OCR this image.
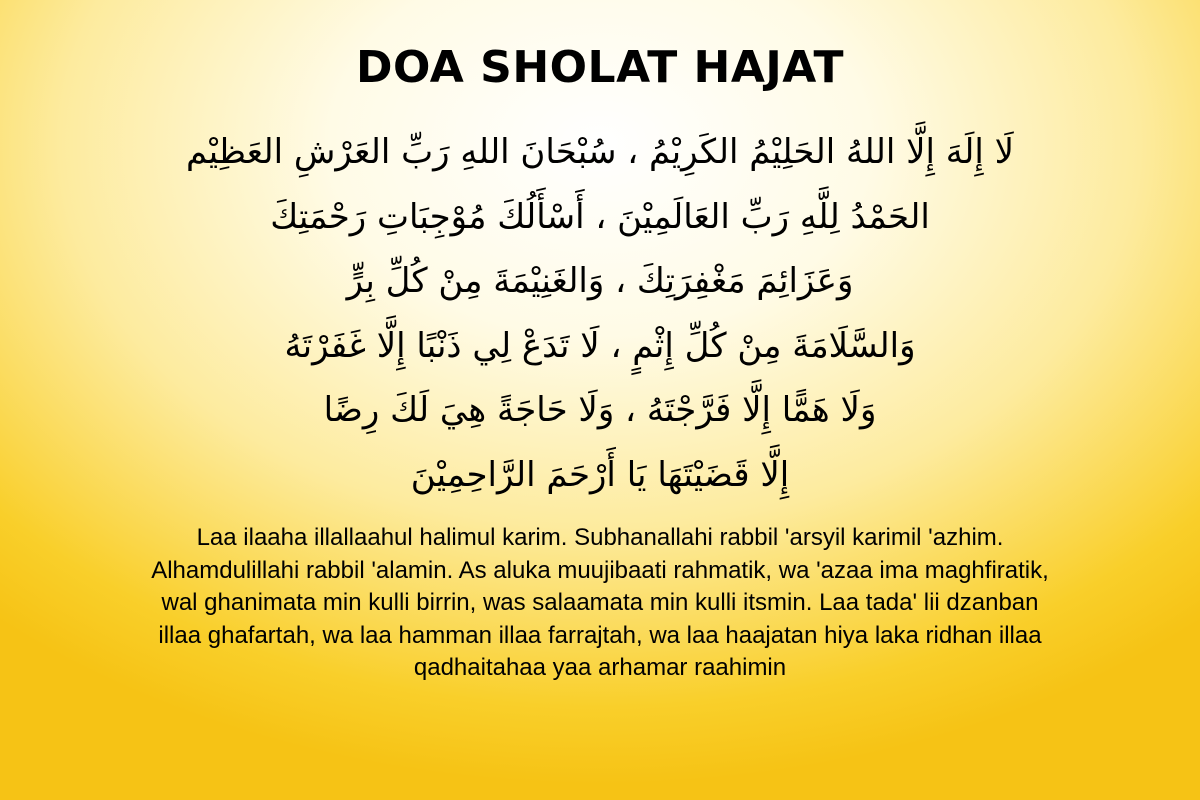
DOA SHOLAT HAJAT
لَا إِلَهَ إِلَّا اللهُ الحَلِيْمُ الكَرِيْمُ ، سُبْحَانَ اللهِ رَبِّ العَرْشِ العَظِيْم
الحَمْدُ لِلَّهِ رَبِّ العَالَمِيْنَ ، أَسْأَلُكَ مُوْجِبَاتِ رَحْمَتِكَ
وَعَزَائِمَ مَغْفِرَتِكَ ، وَالغَنِيْمَةَ مِنْ كُلِّ بِرٍّ
وَالسَّلَامَةَ مِنْ كُلِّ إِثْمٍ ، لَا تَدَعْ لِي ذَنْبًا إِلَّا غَفَرْتَهُ
وَلَا هَمًّا إِلَّا فَرَّجْتَهُ ، وَلَا حَاجَةً هِيَ لَكَ رِضًا
إِلَّا قَضَيْتَهَا يَا أَرْحَمَ الرَّاحِمِيْنَ
Laa ilaaha illallaahul halimul karim. Subhanallahi rabbil 'arsyil karimil 'azhim. Alhamdulillahi rabbil 'alamin. As aluka muujibaati rahmatik, wa 'azaa ima maghfiratik, wal ghanimata min kulli birrin, was salaamata min kulli itsmin. Laa tada' lii dzanban illaa ghafartah, wa laa hamman illaa farrajtah, wa laa haajatan hiya laka ridhan illaa qadhaitahaa yaa arhamar raahimin
